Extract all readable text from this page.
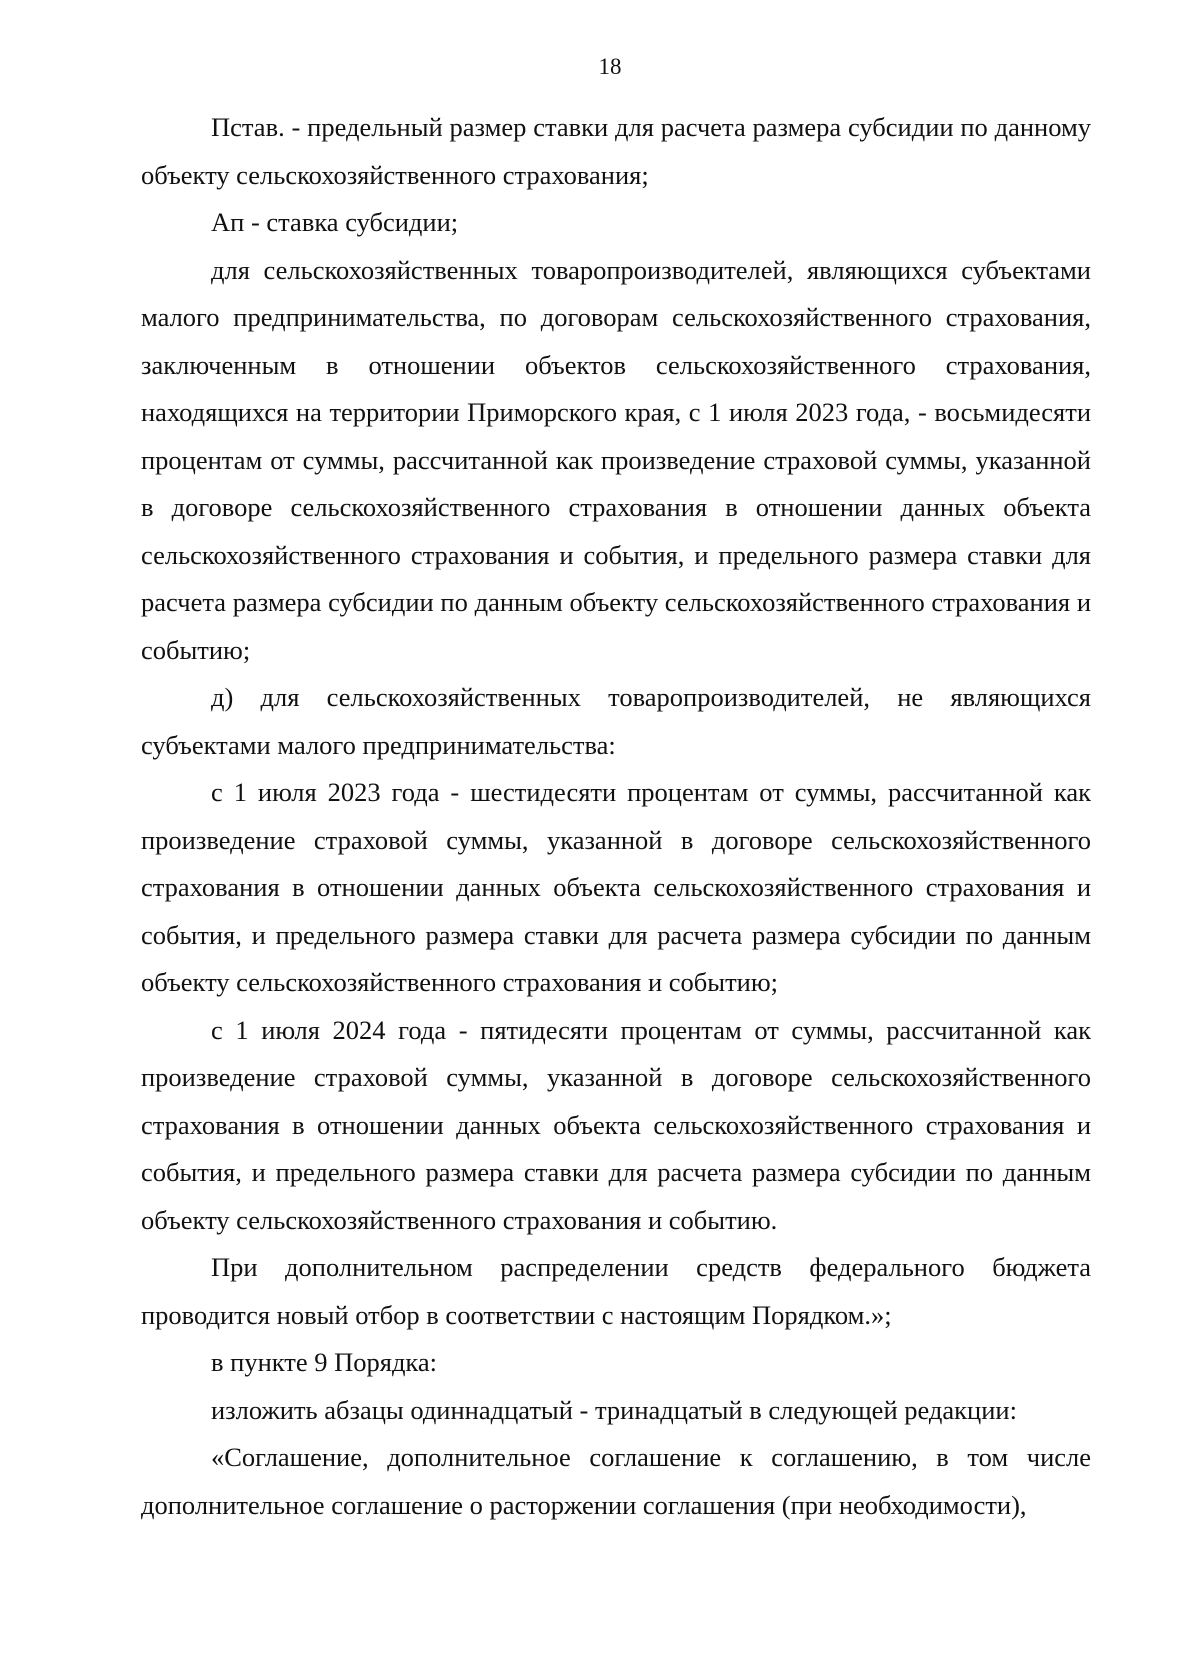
18

Пстав. - предельный размер ставки для расчета размера субсидии по данному объекту сельскохозяйственного страхования;

Ап - ставка субсидии;

для сельскохозяйственных товаропроизводителей, являющихся субъектами малого предпринимательства, по договорам сельскохозяйственного страхования, заключенным в отношении объектов сельскохозяйственного страхования, находящихся на территории Приморского края, с 1 июля 2023 года, - восьмидесяти процентам от суммы, рассчитанной как произведение страховой суммы, указанной в договоре сельскохозяйственного страхования в отношении данных объекта сельскохозяйственного страхования и события, и предельного размера ставки для расчета размера субсидии по данным объекту сельскохозяйственного страхования и событию;

д) для сельскохозяйственных товаропроизводителей, не являющихся субъектами малого предпринимательства:

с 1 июля 2023 года - шестидесяти процентам от суммы, рассчитанной как произведение страховой суммы, указанной в договоре сельскохозяйственного страхования в отношении данных объекта сельскохозяйственного страхования и события, и предельного размера ставки для расчета размера субсидии по данным объекту сельскохозяйственного страхования и событию;

с 1 июля 2024 года - пятидесяти процентам от суммы, рассчитанной как произведение страховой суммы, указанной в договоре сельскохозяйственного страхования в отношении данных объекта сельскохозяйственного страхования и события, и предельного размера ставки для расчета размера субсидии по данным объекту сельскохозяйственного страхования и событию.

При дополнительном распределении средств федерального бюджета проводится новый отбор в соответствии с настоящим Порядком.»;

в пункте 9 Порядка:

изложить абзацы одиннадцатый - тринадцатый в следующей редакции:

«Соглашение, дополнительное соглашение к соглашению, в том числе дополнительное соглашение о расторжении соглашения (при необходимости),
